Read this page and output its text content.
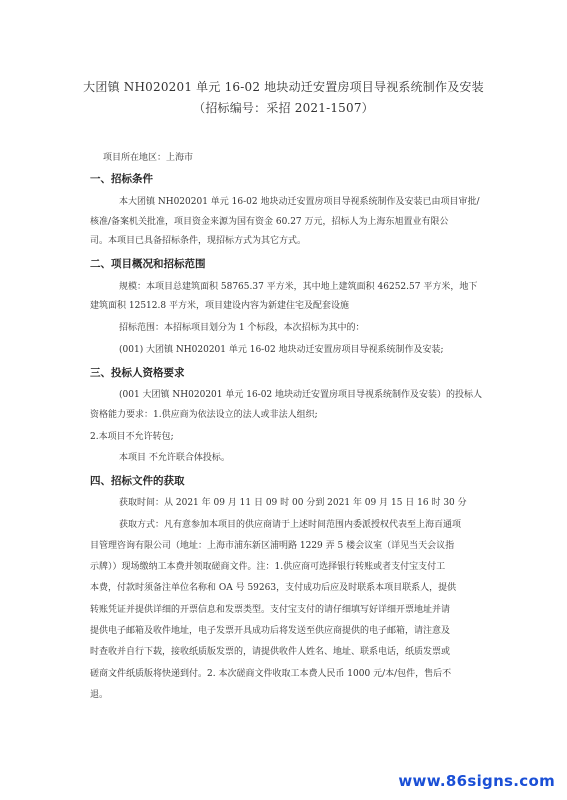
大团镇 NH020201 单元 16-02 地块动迁安置房项目导视系统制作及安装
（招标编号：采招 2021-1507）
项目所在地区：上海市
一、招标条件
本大团镇 NH020201 单元 16-02 地块动迁安置房项目导视系统制作及安装已由项目审批/
核准/备案机关批准，项目资金来源为国有资金 60.27 万元，招标人为上海东旭置业有限公
司。本项目已具备招标条件，现招标方式为其它方式。
二、项目概况和招标范围
规模：本项目总建筑面积 58765.37 平方米，其中地上建筑面积 46252.57 平方米，地下
建筑面积 12512.8 平方米，项目建设内容为新建住宅及配套设施
招标范围：本招标项目划分为 1 个标段，本次招标为其中的：
(001) 大团镇 NH020201 单元 16-02 地块动迁安置房项目导视系统制作及安装;
三、投标人资格要求
(001 大团镇 NH020201 单元 16-02 地块动迁安置房项目导视系统制作及安装）的投标人
资格能力要求：1.供应商为依法设立的法人或非法人组织;
2.本项目不允许转包;
本项目 不允许联合体投标。
四、招标文件的获取
获取时间：从 2021 年 09 月 11 日 09 时 00 分到 2021 年 09 月 15 日 16 时 30 分
获取方式：凡有意参加本项目的供应商请于上述时间范围内委派授权代表至上海百通项
目管理咨询有限公司（地址：上海市浦东新区浦明路 1229 弄 5 楼会议室（详见当天会议指
示牌））现场缴纳工本费并领取磋商文件。注：1.供应商可选择银行转账或者支付宝支付工
本费，付款时须备注单位名称和 OA 号 59263，支付成功后应及时联系本项目联系人，提供
转账凭证并提供详细的开票信息和发票类型。支付宝支付的请仔细填写好详细开票地址并请
提供电子邮箱及收件地址，电子发票开具成功后将发送至供应商提供的电子邮箱，请注意及
时查收并自行下载，接收纸质版发票的，请提供收件人姓名、地址、联系电话，纸质发票或
磋商文件纸质版将快递到付。2. 本次磋商文件收取工本费人民币 1000 元/本/包件，售后不
退。
www.86signs.com
